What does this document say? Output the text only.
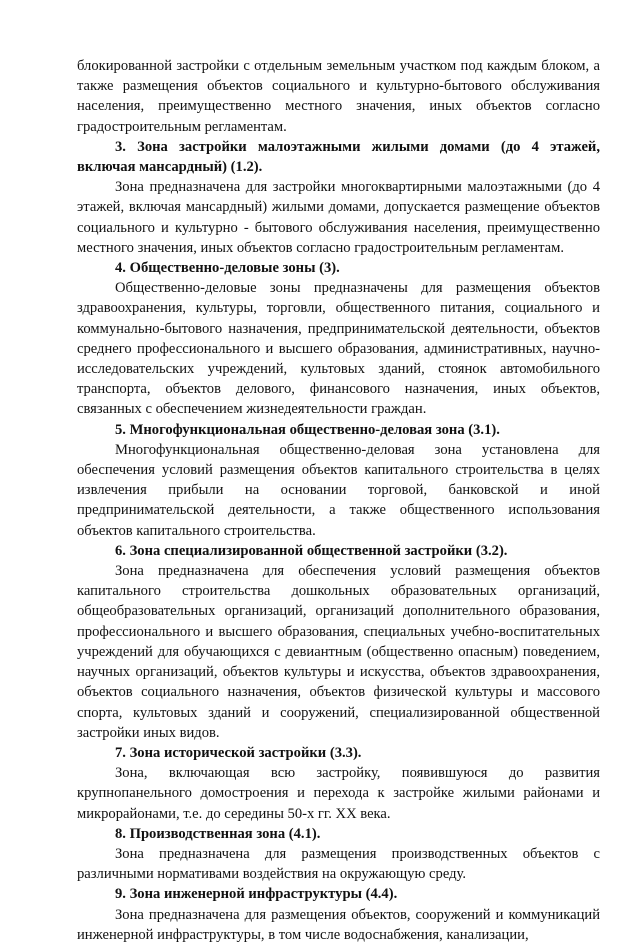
блокированной застройки с отдельным земельным участком под каждым блоком, а также размещения объектов социального и культурно-бытового обслуживания населения, преимущественно местного значения, иных объектов согласно градостроительным регламентам.

3. Зона застройки малоэтажными жилыми домами (до 4 этажей, включая мансардный) (1.2).

Зона предназначена для застройки многоквартирными малоэтажными (до 4 этажей, включая мансардный) жилыми домами, допускается размещение объектов социального и культурно - бытового обслуживания населения, преимущественно местного значения, иных объектов согласно градостроительным регламентам.

4. Общественно-деловые зоны (3).

Общественно-деловые зоны предназначены для размещения объектов здравоохранения, культуры, торговли, общественного питания, социального и коммунально-бытового назначения, предпринимательской деятельности, объектов среднего профессионального и высшего образования, административных, научно-исследовательских учреждений, культовых зданий, стоянок автомобильного транспорта, объектов делового, финансового назначения, иных объектов, связанных с обеспечением жизнедеятельности граждан.

5. Многофункциональная общественно-деловая зона (3.1).

Многофункциональная общественно-деловая зона установлена для обеспечения условий размещения объектов капитального строительства в целях извлечения прибыли на основании торговой, банковской и иной предпринимательской деятельности, а также общественного использования объектов капитального строительства.

6. Зона специализированной общественной застройки (3.2).

Зона предназначена для обеспечения условий размещения объектов капитального строительства дошкольных образовательных организаций, общеобразовательных организаций, организаций дополнительного образования, профессионального и высшего образования, специальных учебно-воспитательных учреждений для обучающихся с девиантным (общественно опасным) поведением, научных организаций, объектов культуры и искусства, объектов здравоохранения, объектов социального назначения, объектов физической культуры и массового спорта, культовых зданий и сооружений, специализированной общественной застройки иных видов.

7. Зона исторической застройки (3.3).

Зона, включающая всю застройку, появившуюся до развития крупнопанельного домостроения и перехода к застройке жилыми районами и микрорайонами, т.е. до середины 50-х гг. XX века.

8. Производственная зона (4.1).

Зона предназначена для размещения производственных объектов с различными нормативами воздействия на окружающую среду.

9. Зона инженерной инфраструктуры (4.4).

Зона предназначена для размещения объектов, сооружений и коммуникаций инженерной инфраструктуры, в том числе водоснабжения, канализации,
